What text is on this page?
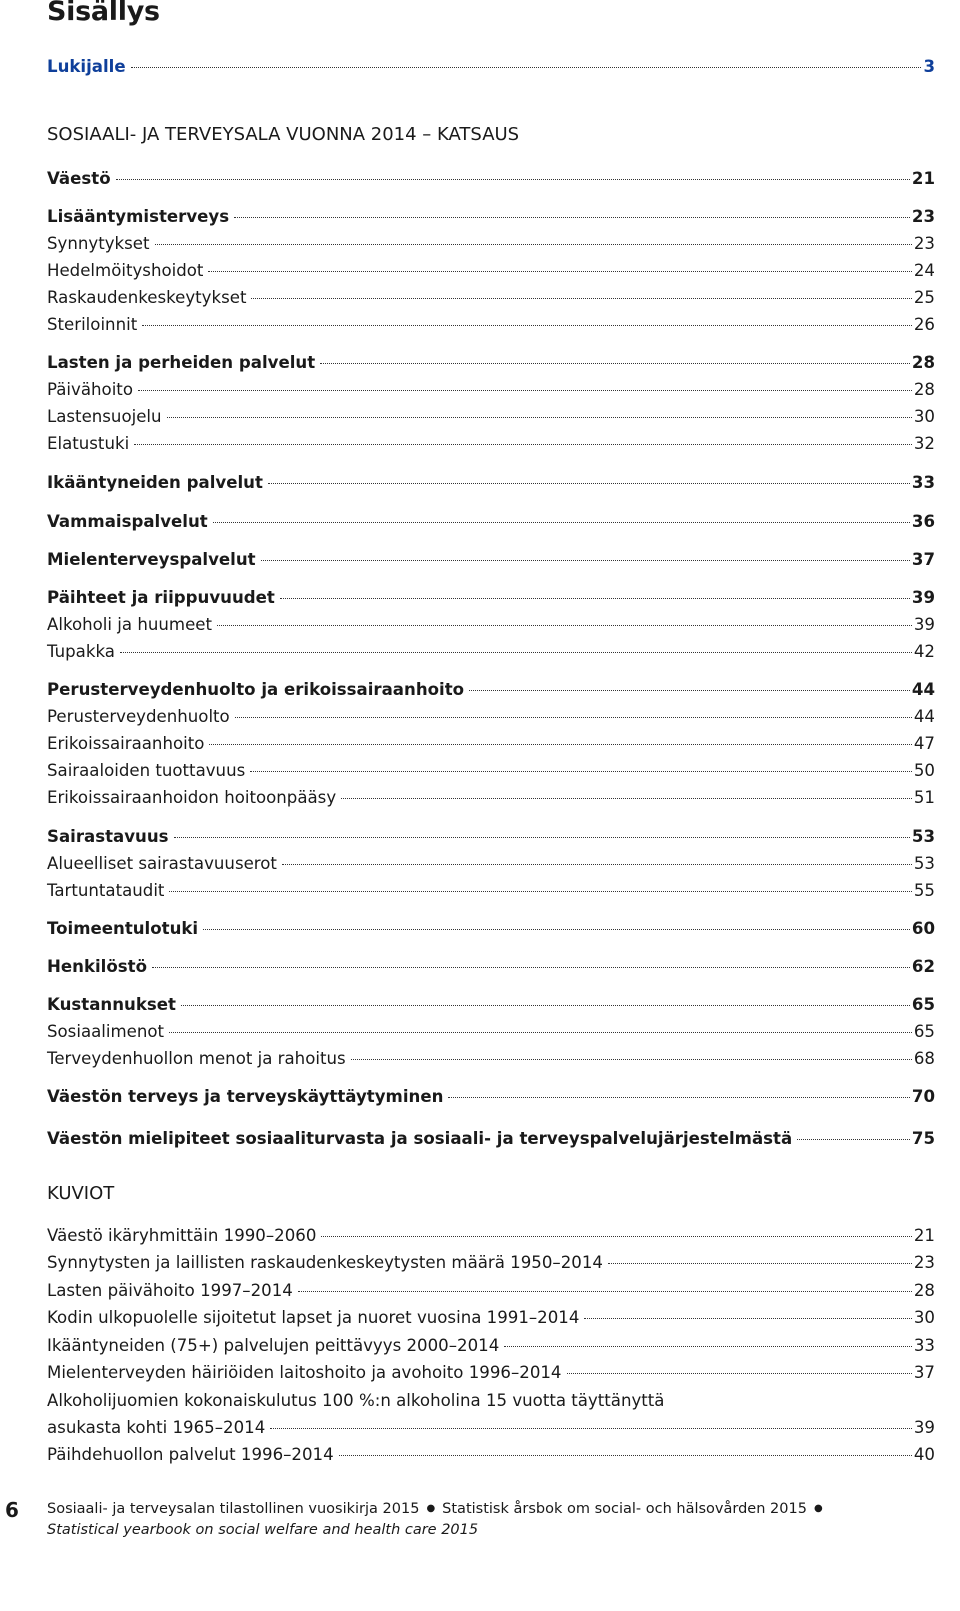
Sisällys
Lukijalle	3
SOSIAALI- JA TERVEYSALA VUONNA 2014 – KATSAUS
Väestö	21
Lisääntymisterveys	23
Synnytykset	23
Hedelmöityshoidot	24
Raskaudenkeskeytykset	25
Steriloinnit	26
Lasten ja perheiden palvelut	28
Päivähoito	28
Lastensuojelu	30
Elatustuki	32
Ikääntyneiden palvelut	33
Vammaispalvelut	36
Mielenterveyspalvelut	37
Päihteet ja riippuvuudet	39
Alkoholi ja huumeet	39
Tupakka	42
Perusterveydenhuolto ja erikoissairaanhoito	44
Perusterveydenhuolto	44
Erikoissairaanhoito	47
Sairaaloiden tuottavuus	50
Erikoissairaanhoidon hoitoonpääsy	51
Sairastavuus	53
Alueelliset sairastavuuserot	53
Tartuntataudit	55
Toimeentulotuki	60
Henkilöstö	62
Kustannukset	65
Sosiaalimenot	65
Terveydenhuollon menot ja rahoitus	68
Väestön terveys ja terveyskäyttäytyminen	70
Väestön mielipiteet sosiaaliturvasta ja sosiaali- ja terveyspalvelujärjestelmästä	75
KUVIOT
Väestö ikäryhmittäin 1990–2060	21
Synnytysten ja laillisten raskaudenkeskeytysten määrä 1950–2014	23
Lasten päivähoito 1997–2014	28
Kodin ulkopuolelle sijoitetut lapset ja nuoret vuosina 1991–2014	30
Ikääntyneiden (75+) palvelujen peittävyys 2000–2014	33
Mielenterveyden häiriöiden laitoshoito ja avohoito 1996–2014	37
Alkoholijuomien kokonaiskulutus 100 %:n alkoholina 15 vuotta täyttänyttä
asukasta kohti 1965–2014	39
Päihdehuollon palvelut 1996–2014	40
6 Sosiaali- ja terveysalan tilastollinen vuosikirja 2015 ● Statistisk årsbok om social- och hälsovården 2015 ●
Statistical yearbook on social welfare and health care 2015
